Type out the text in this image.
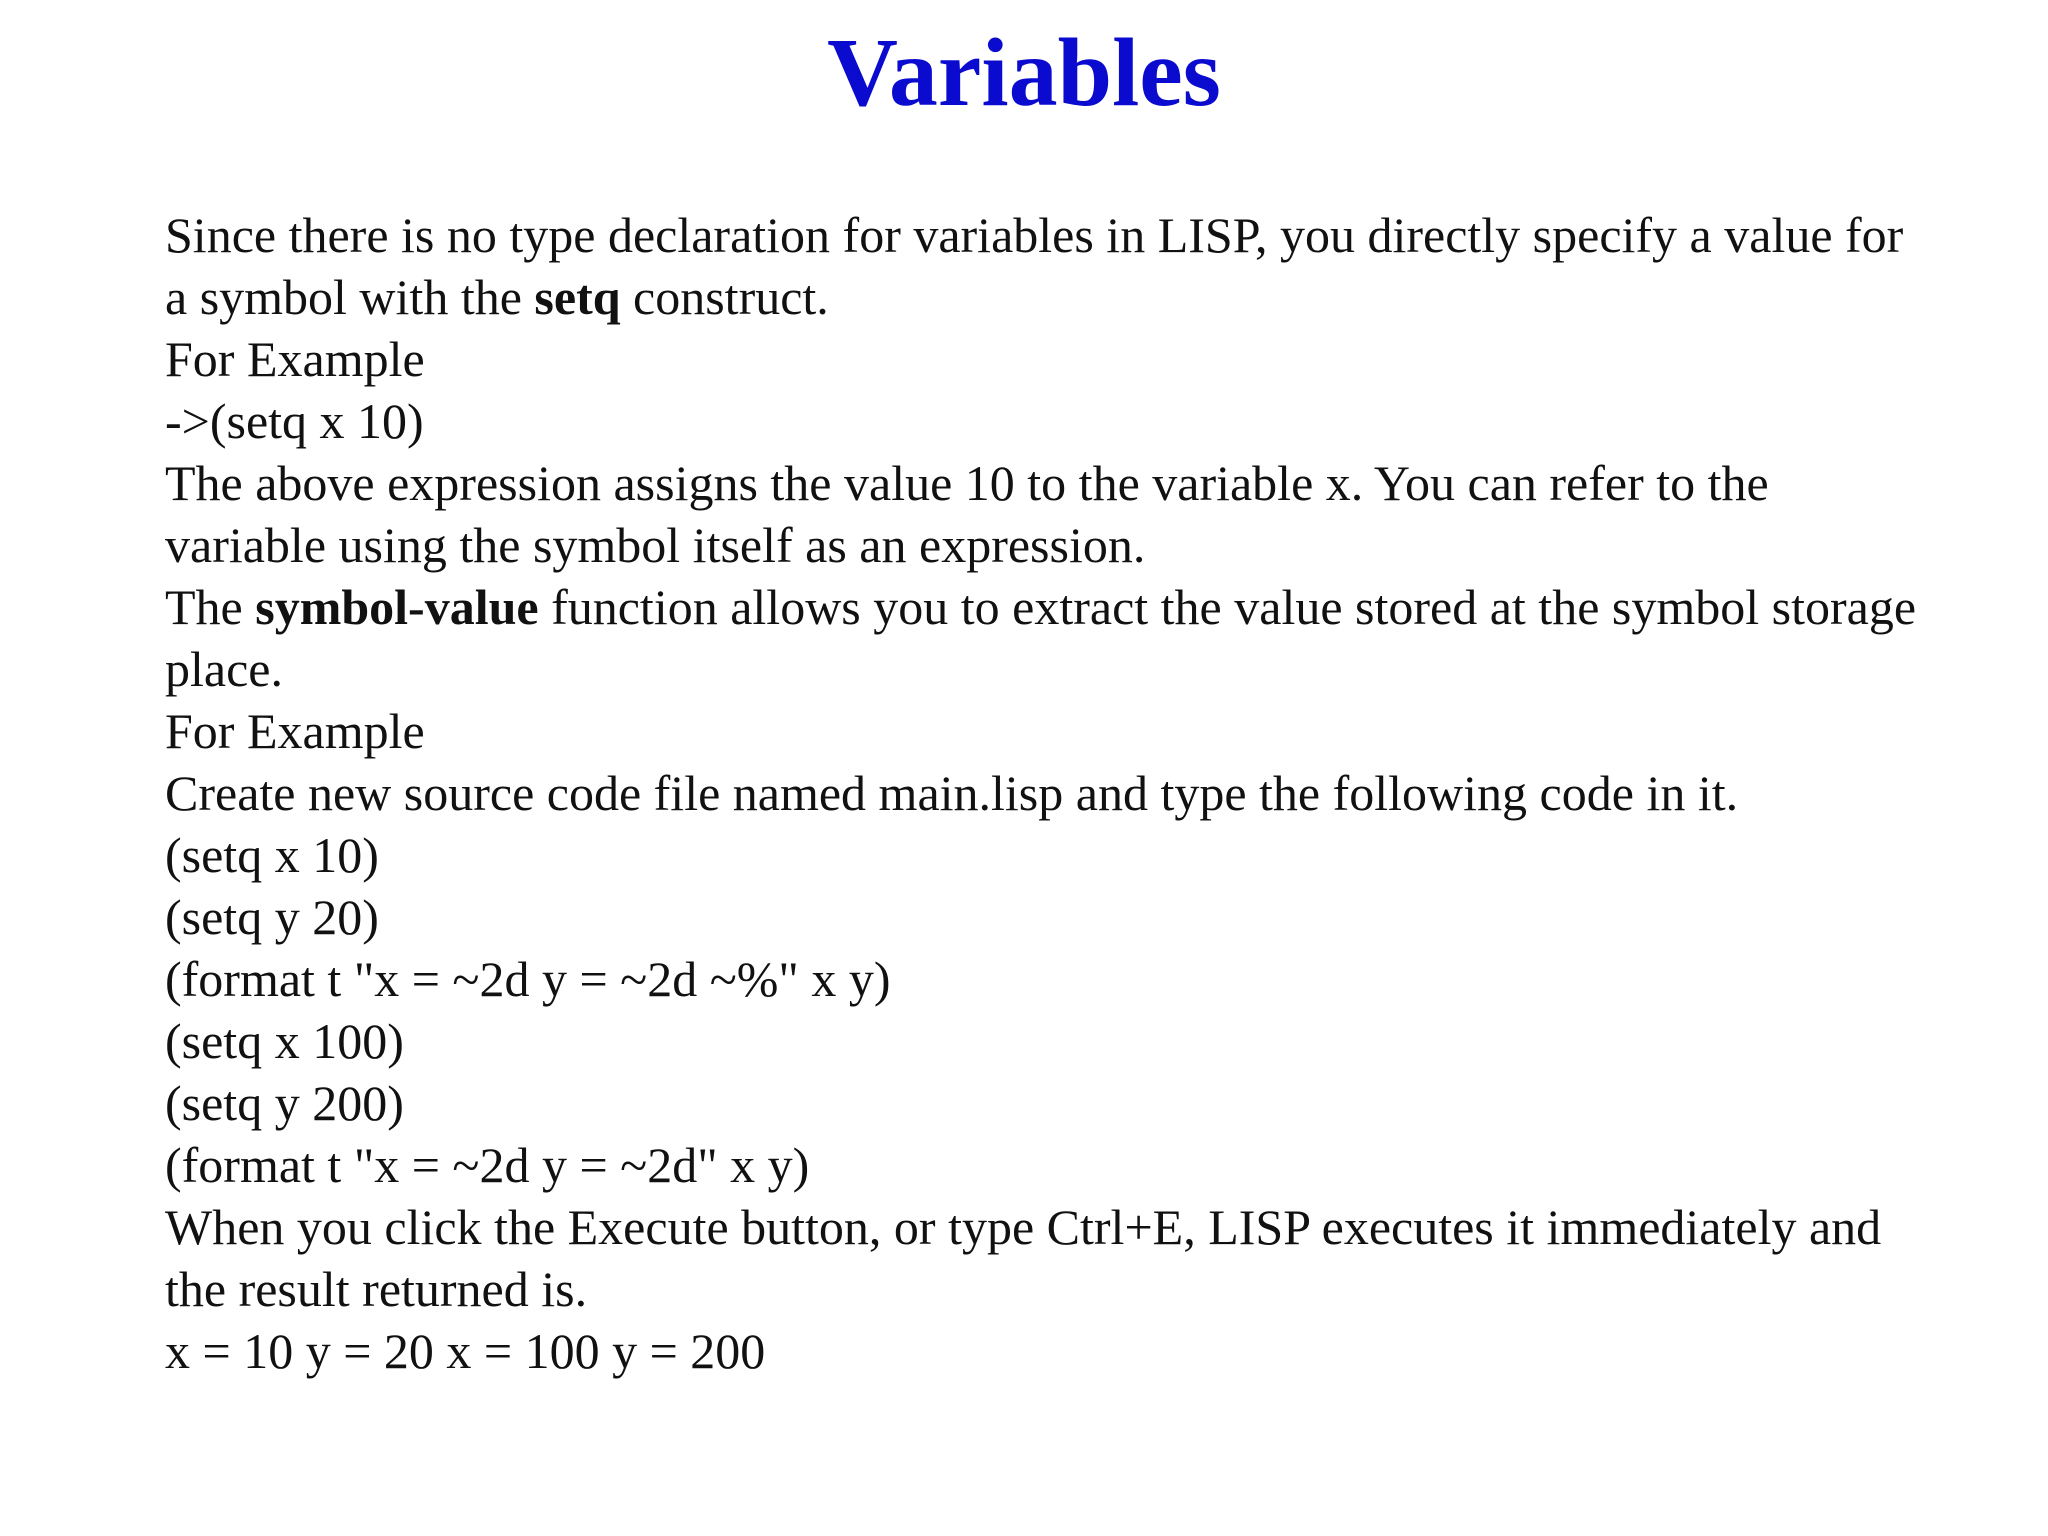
Variables
Since there is no type declaration for variables in LISP, you directly specify a value for
a symbol with the setq construct.
For Example
->(setq x 10)
The above expression assigns the value 10 to the variable x. You can refer to the
variable using the symbol itself as an expression.
The symbol-value function allows you to extract the value stored at the symbol storage
place.
For Example
Create new source code file named main.lisp and type the following code in it.
(setq x 10)
(setq y 20)
(format t "x = ~2d y = ~2d ~%" x y)
(setq x 100)
(setq y 200)
(format t "x = ~2d y = ~2d" x y)
When you click the Execute button, or type Ctrl+E, LISP executes it immediately and
the result returned is.
x = 10 y = 20 x = 100 y = 200
